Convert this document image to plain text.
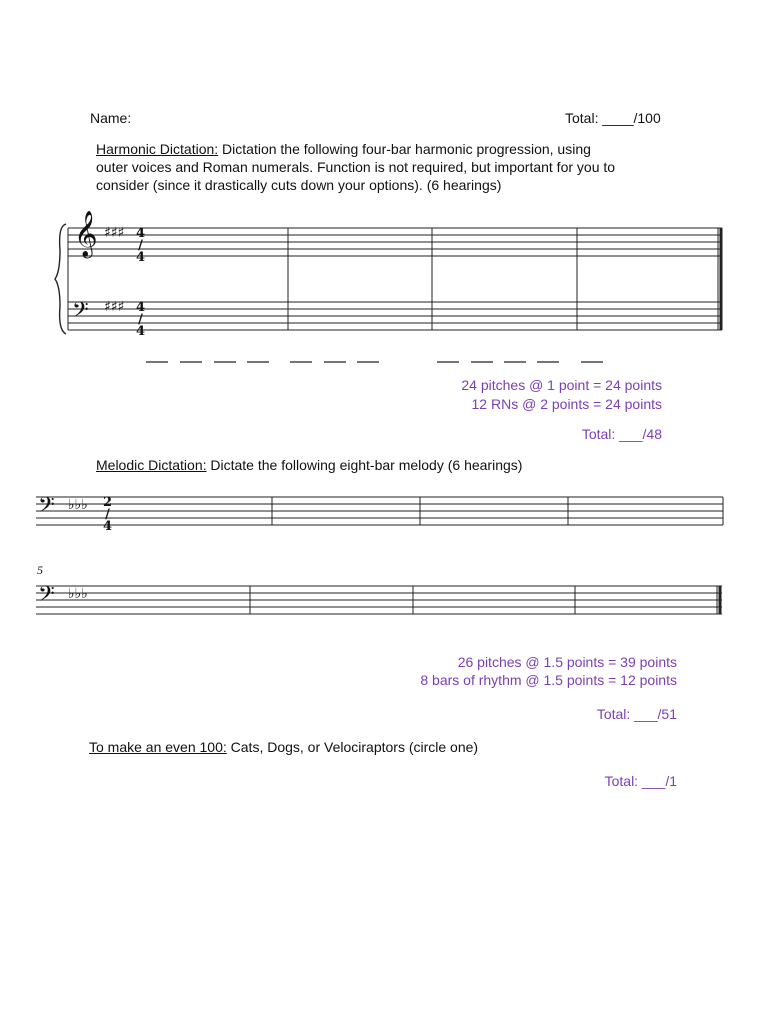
Name:	Total: ____/100
Harmonic Dictation: Dictation the following four-bar harmonic progression, using
outer voices and Roman numerals. Function is not required, but important for you to
consider (since it drastically cuts down your options). (6 hearings)
𝄞 ♯♯♯ 4/4
𝄢 ♯♯♯ 4/4
𝄢 ♭♭♭ 2/4
𝄢 ♭♭♭
5
24 pitches @ 1 point = 24 points
12 RNs @ 2 points = 24 points
Total: ___/48
Melodic Dictation: Dictate the following eight-bar melody (6 hearings)
26 pitches @ 1.5 points = 39 points
8 bars of rhythm @ 1.5 points = 12 points
Total: ___/51
To make an even 100: Cats, Dogs, or Velociraptors (circle one)
Total: ___/1
